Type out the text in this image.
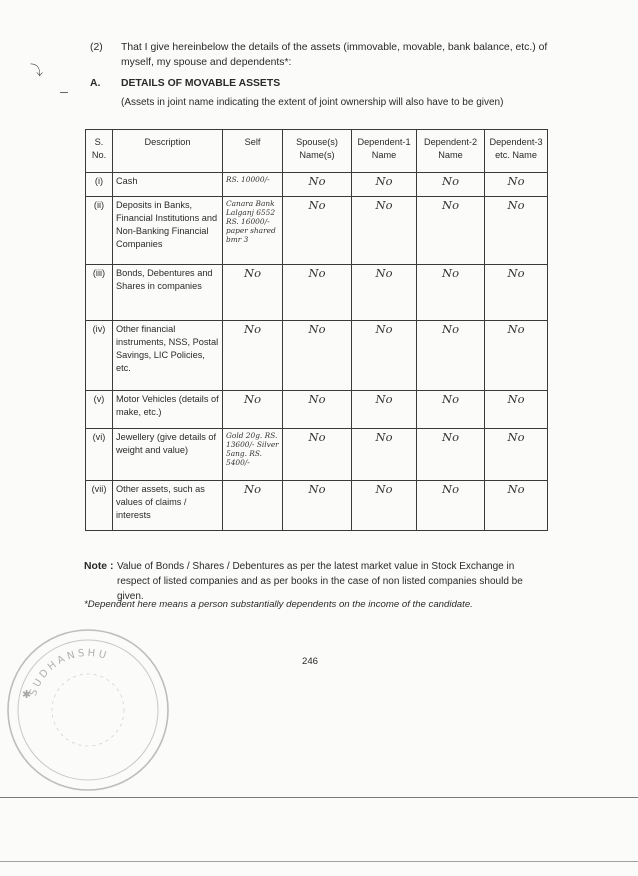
⤵
(2) That I give hereinbelow the details of the assets (immovable, movable, bank balance, etc.) of myself, my spouse and dependents*:
A. DETAILS OF MOVABLE ASSETS
(Assets in joint name indicating the extent of joint ownership will also have to be given)
S. No.	Description	Self	Spouse(s) Name(s)	Dependent-1 Name	Dependent-2 Name	Dependent-3 etc. Name
(i)	Cash	RS. 10000/-	No	No	No	No
(ii)	Deposits in Banks, Financial Institutions and Non-Banking Financial Companies	Canara Bank Lalganj 6552 RS. 16000/- paper shared bmr 3	No	No	No	No
(iii)	Bonds, Debentures and Shares in companies	No	No	No	No	No
(iv)	Other financial instruments, NSS, Postal Savings, LIC Policies, etc.	No	No	No	No	No
(v)	Motor Vehicles (details of make, etc.)	No	No	No	No	No
(vi)	Jewellery (give details of weight and value)	Gold 20g. RS. 13600/- Silver 5ang. RS. 5400/-	No	No	No	No
(vii)	Other assets, such as values of claims / interests	No	No	No	No	No
Note : Value of Bonds / Shares / Debentures as per the latest market value in Stock Exchange in respect of listed companies and as per books in the case of non listed companies should be given.
*Dependent here means a person substantially dependents on the income of the candidate.
246
SUDHANSHU
✱
